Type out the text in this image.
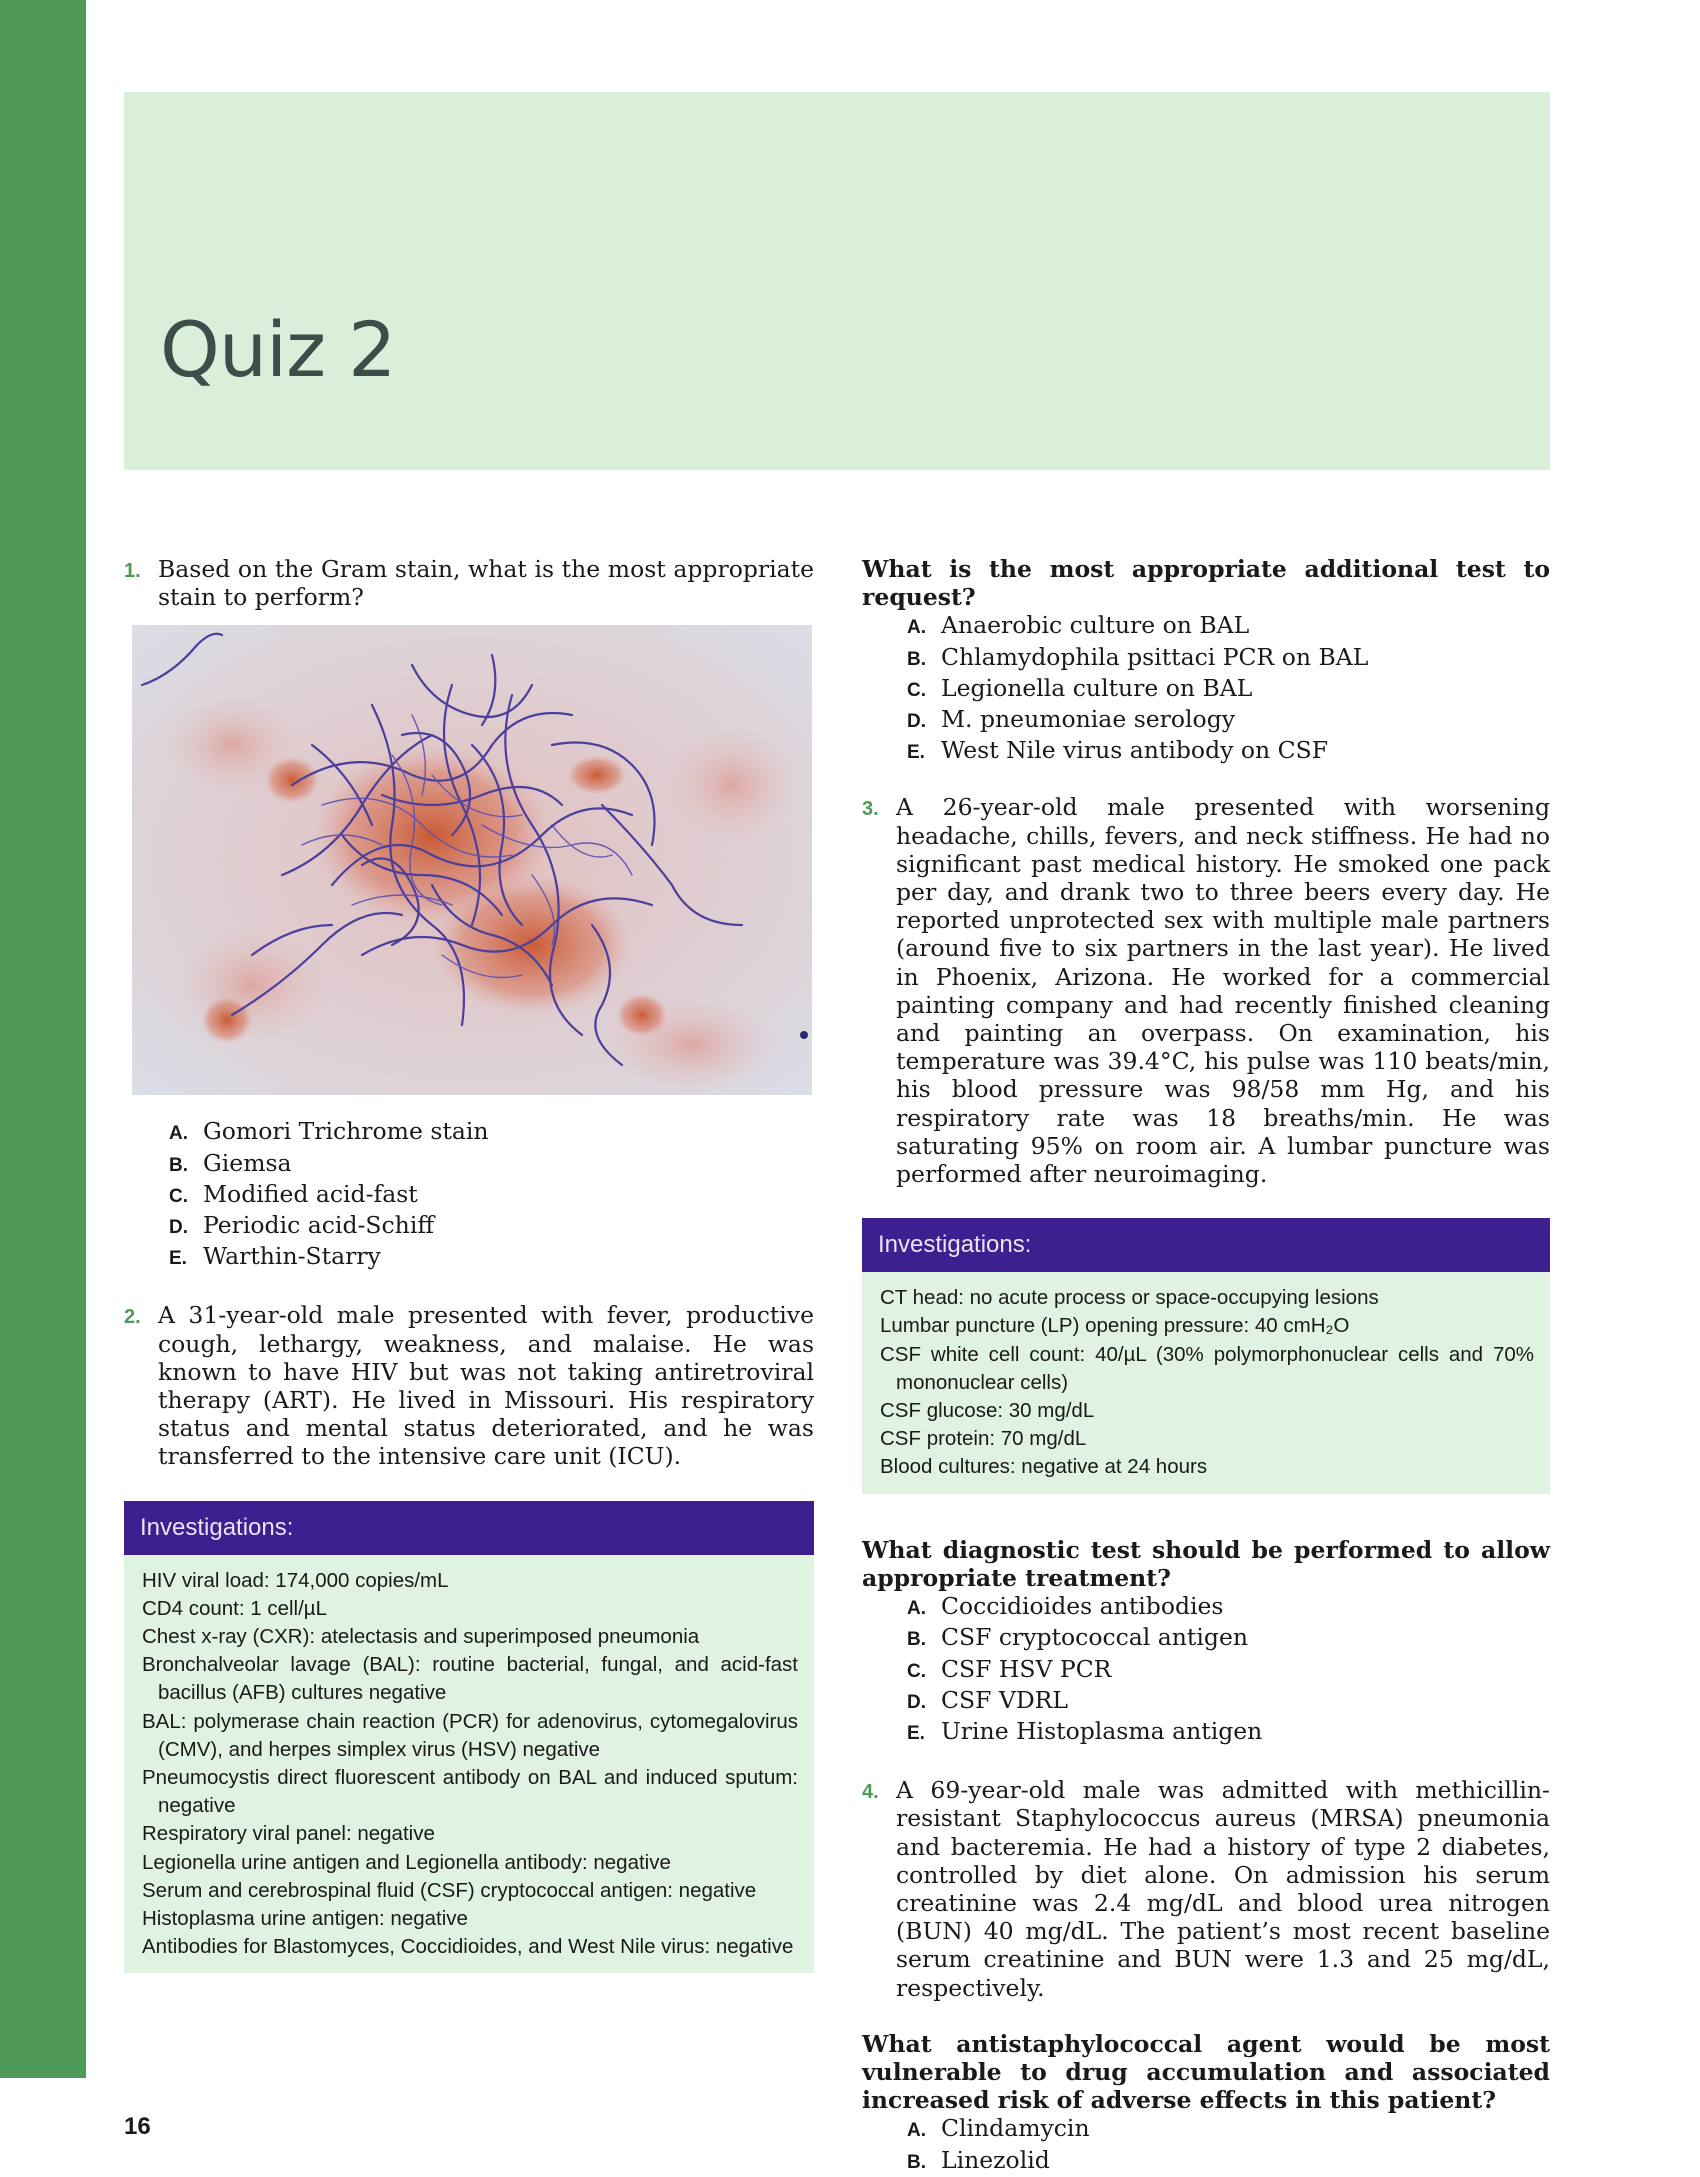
Quiz 2
1. Based on the Gram stain, what is the most appropriate stain to perform?
A. Gomori Trichrome stain
B. Giemsa
C. Modified acid-fast
D. Periodic acid-Schiff
E. Warthin-Starry
2. A 31-year-old male presented with fever, productive cough, lethargy, weakness, and malaise. He was known to have HIV but was not taking antiretroviral therapy (ART). He lived in Missouri. His respiratory status and mental status deteriorated, and he was transferred to the intensive care unit (ICU).
Investigations:

HIV viral load: 174,000 copies/mL

CD4 count: 1 cell/µL

Chest x-ray (CXR): atelectasis and superimposed pneumonia

Bronchalveolar lavage (BAL): routine bacterial, fungal, and acid-fast bacillus (AFB) cultures negative

BAL: polymerase chain reaction (PCR) for adenovirus, cytomegalovirus (CMV), and herpes simplex virus (HSV) negative

Pneumocystis direct fluorescent antibody on BAL and induced sputum: negative

Respiratory viral panel: negative

Legionella urine antigen and Legionella antibody: negative

Serum and cerebrospinal fluid (CSF) cryptococcal antigen: negative

Histoplasma urine antigen: negative

Antibodies for Blastomyces, Coccidioides, and West Nile virus: negative

What is the most appropriate additional test to request?
A. Anaerobic culture on BAL
B. Chlamydophila psittaci PCR on BAL
C. Legionella culture on BAL
D. M. pneumoniae serology
E. West Nile virus antibody on CSF
3. A 26-year-old male presented with worsening headache, chills, fevers, and neck stiffness. He had no significant past medical history. He smoked one pack per day, and drank two to three beers every day. He reported unprotected sex with multiple male partners (around five to six partners in the last year). He lived in Phoenix, Arizona. He worked for a commercial painting company and had recently finished cleaning and painting an overpass. On examination, his temperature was 39.4°C, his pulse was 110 beats/min, his blood pressure was 98/58 mm Hg, and his respiratory rate was 18 breaths/min. He was saturating 95% on room air. A lumbar puncture was performed after neuroimaging.
Investigations:

CT head: no acute process or space-occupying lesions

Lumbar puncture (LP) opening pressure: 40 cmH₂O

CSF white cell count: 40/µL (30% polymorphonuclear cells and 70% mononuclear cells)

CSF glucose: 30 mg/dL

CSF protein: 70 mg/dL

Blood cultures: negative at 24 hours

What diagnostic test should be performed to allow appropriate treatment?
A. Coccidioides antibodies
B. CSF cryptococcal antigen
C. CSF HSV PCR
D. CSF VDRL
E. Urine Histoplasma antigen
4. A 69-year-old male was admitted with methicillin-resistant Staphylococcus aureus (MRSA) pneumonia and bacteremia. He had a history of type 2 diabetes, controlled by diet alone. On admission his serum creatinine was 2.4 mg/dL and blood urea nitrogen (BUN) 40 mg/dL. The patient’s most recent baseline serum creatinine and BUN were 1.3 and 25 mg/dL, respectively.
What antistaphylococcal agent would be most vulnerable to drug accumulation and associated increased risk of adverse effects in this patient?
A. Clindamycin
B. Linezolid
16
